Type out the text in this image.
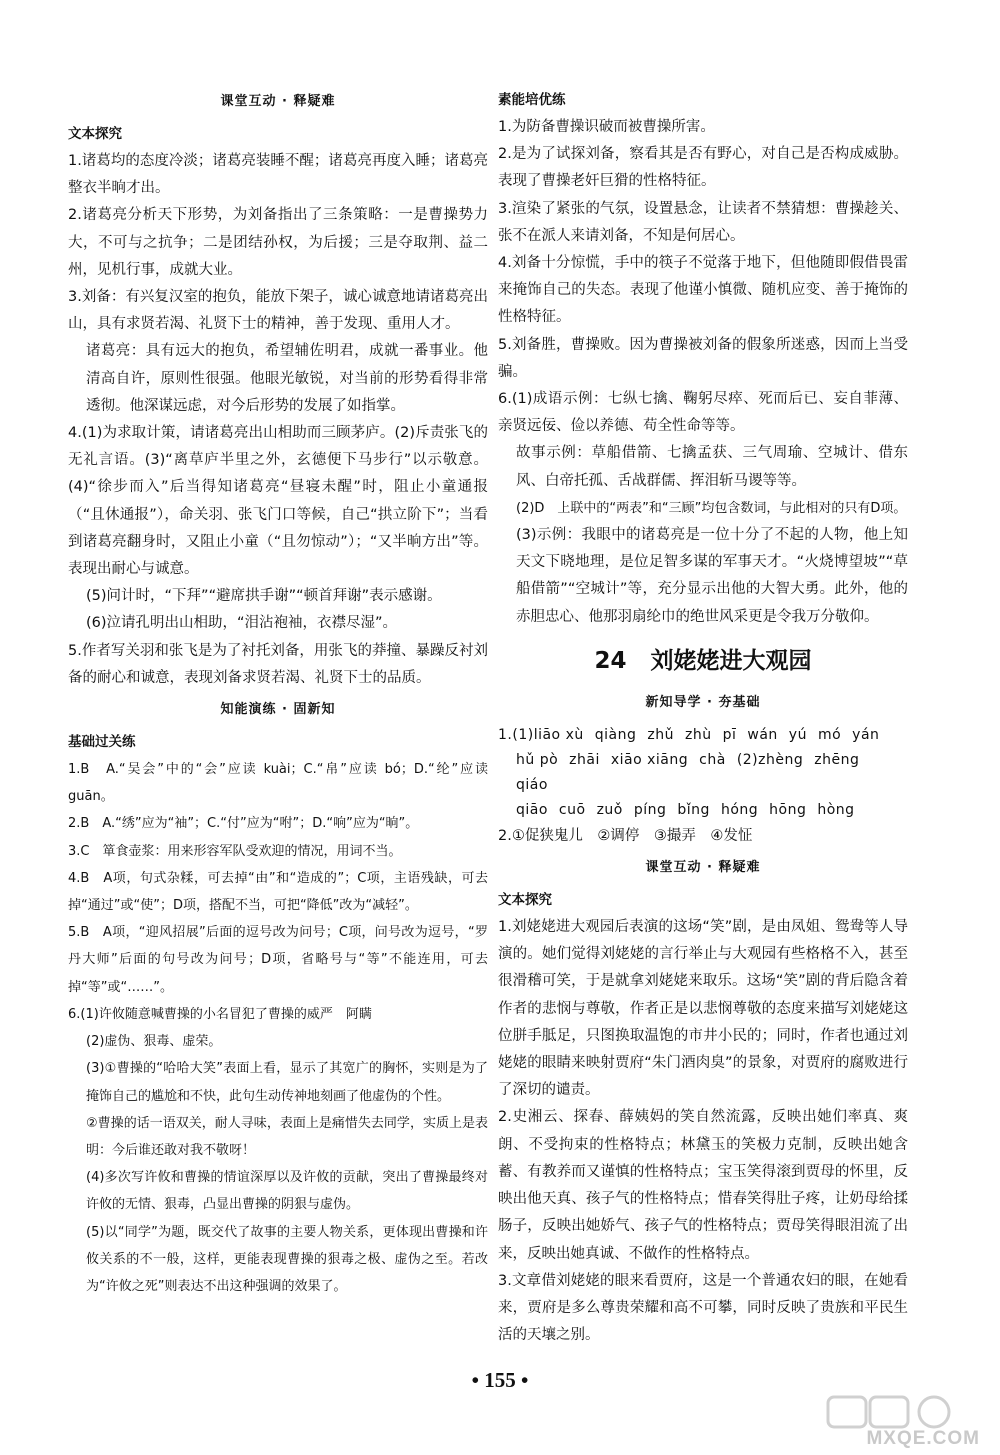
课堂互动 · 释疑难
文本探究

1.诸葛均的态度冷淡；诸葛亮装睡不醒；诸葛亮再度入睡；诸葛亮整衣半晌才出。

2.诸葛亮分析天下形势，为刘备指出了三条策略：一是曹操势力大，不可与之抗争；二是团结孙权，为后援；三是夺取荆、益二州，见机行事，成就大业。

3.刘备：有兴复汉室的抱负，能放下架子，诚心诚意地请诸葛亮出山，具有求贤若渴、礼贤下士的精神，善于发现、重用人才。

诸葛亮：具有远大的抱负，希望辅佐明君，成就一番事业。他清高自许，原则性很强。他眼光敏锐，对当前的形势看得非常透彻。他深谋远虑，对今后形势的发展了如指掌。

4.(1)为求取计策，请诸葛亮出山相助而三顾茅庐。(2)斥责张飞的无礼言语。(3)“离草庐半里之外，玄德便下马步行”以示敬意。(4)“徐步而入”后当得知诸葛亮“昼寝未醒”时，阻止小童通报（“且休通报”），命关羽、张飞门口等候，自己“拱立阶下”；当看到诸葛亮翻身时，又阻止小童（“且勿惊动”）；“又半晌方出”等。表现出耐心与诚意。

(5)问计时，“下拜”“避席拱手谢”“顿首拜谢”表示感谢。

(6)泣请孔明出山相助，“泪沾袍袖，衣襟尽湿”。

5.作者写关羽和张飞是为了衬托刘备，用张飞的莽撞、暴躁反衬刘备的耐心和诚意，表现刘备求贤若渴、礼贤下士的品质。

知能演练 · 固新知
基础过关练

1.B　A.“吴会”中的“会”应读 kuài；C.“帛”应读 bó；D.“纶”应读 guān。

2.B　A.“绣”应为“袖”；C.“付”应为“咐”；D.“响”应为“晌”。

3.C　箪食壶浆：用来形容军队受欢迎的情况，用词不当。

4.B　A项，句式杂糅，可去掉“由”和“造成的”；C项，主语残缺，可去掉“通过”或“使”；D项，搭配不当，可把“降低”改为“减轻”。

5.B　A项，“迎风招展”后面的逗号改为问号；C项，问号改为逗号，“罗丹大师”后面的句号改为问号；D项，省略号与“等”不能连用，可去掉“等”或“……”。

6.(1)许攸随意喊曹操的小名冒犯了曹操的威严　阿瞒

(2)虚伪、狠毒、虚荣。

(3)①曹操的“哈哈大笑”表面上看，显示了其宽广的胸怀，实则是为了掩饰自己的尴尬和不快，此句生动传神地刻画了他虚伪的个性。

②曹操的话一语双关，耐人寻味，表面上是痛惜失去同学，实质上是表明：今后谁还敢对我不敬呀！

(4)多次写许攸和曹操的情谊深厚以及许攸的贡献，突出了曹操最终对许攸的无情、狠毒，凸显出曹操的阴狠与虚伪。

(5)以“同学”为题，既交代了故事的主要人物关系，更体现出曹操和许攸关系的不一般，这样，更能表现曹操的狠毒之极、虚伪之至。若改为“许攸之死”则表达不出这种强调的效果了。

素能培优练

1.为防备曹操识破而被曹操所害。

2.是为了试探刘备，察看其是否有野心，对自己是否构成威胁。表现了曹操老奸巨猾的性格特征。

3.渲染了紧张的气氛，设置悬念，让读者不禁猜想：曹操趁关、张不在派人来请刘备，不知是何居心。

4.刘备十分惊慌，手中的筷子不觉落于地下，但他随即假借畏雷来掩饰自己的失态。表现了他谨小慎微、随机应变、善于掩饰的性格特征。

5.刘备胜，曹操败。因为曹操被刘备的假象所迷惑，因而上当受骗。

6.(1)成语示例：七纵七擒、鞠躬尽瘁、死而后已、妄自菲薄、亲贤远佞、俭以养德、苟全性命等等。

故事示例：草船借箭、七擒孟获、三气周瑜、空城计、借东风、白帝托孤、舌战群儒、挥泪斩马谡等等。

(2)D　上联中的“两表”和“三顾”均包含数词，与此相对的只有D项。

(3)示例：我眼中的诸葛亮是一位十分了不起的人物，他上知天文下晓地理，是位足智多谋的军事天才。“火烧博望坡”“草船借箭”“空城计”等，充分显示出他的大智大勇。此外，他的赤胆忠心、他那羽扇纶巾的绝世风采更是令我万分敬仰。

24 刘姥姥进大观园
新知导学 · 夯基础

1.(1)liāo xù qiàng zhǔ zhù pī wán yú mó yán

hǔ pò zhāi xiāo xiāng chà (2)zhèng zhēngqiáo

qiāo cuō zuǒ píng bǐng hóng hōng hòng

2.①促狭鬼儿　②调停　③撮弄　④发怔

课堂互动 · 释疑难
文本探究

1.刘姥姥进大观园后表演的这场“笑”剧，是由凤姐、鸳鸯等人导演的。她们觉得刘姥姥的言行举止与大观园有些格格不入，甚至很滑稽可笑，于是就拿刘姥姥来取乐。这场“笑”剧的背后隐含着作者的悲悯与尊敬，作者正是以悲悯尊敬的态度来描写刘姥姥这位胼手胝足，只图换取温饱的市井小民的；同时，作者也通过刘姥姥的眼睛来映射贾府“朱门酒肉臭”的景象，对贾府的腐败进行了深切的谴责。

2.史湘云、探春、薛姨妈的笑自然流露，反映出她们率真、爽朗、不受拘束的性格特点；林黛玉的笑极力克制，反映出她含蓄、有教养而又谨慎的性格特点；宝玉笑得滚到贾母的怀里，反映出他天真、孩子气的性格特点；惜春笑得肚子疼，让奶母给揉肠子，反映出她娇气、孩子气的性格特点；贾母笑得眼泪流了出来，反映出她真诚、不做作的性格特点。

3.文章借刘姥姥的眼来看贾府，这是一个普通农妇的眼，在她看来，贾府是多么尊贵荣耀和高不可攀，同时反映了贵族和平民生活的天壤之别。

• 155 •
MXQE.COM
